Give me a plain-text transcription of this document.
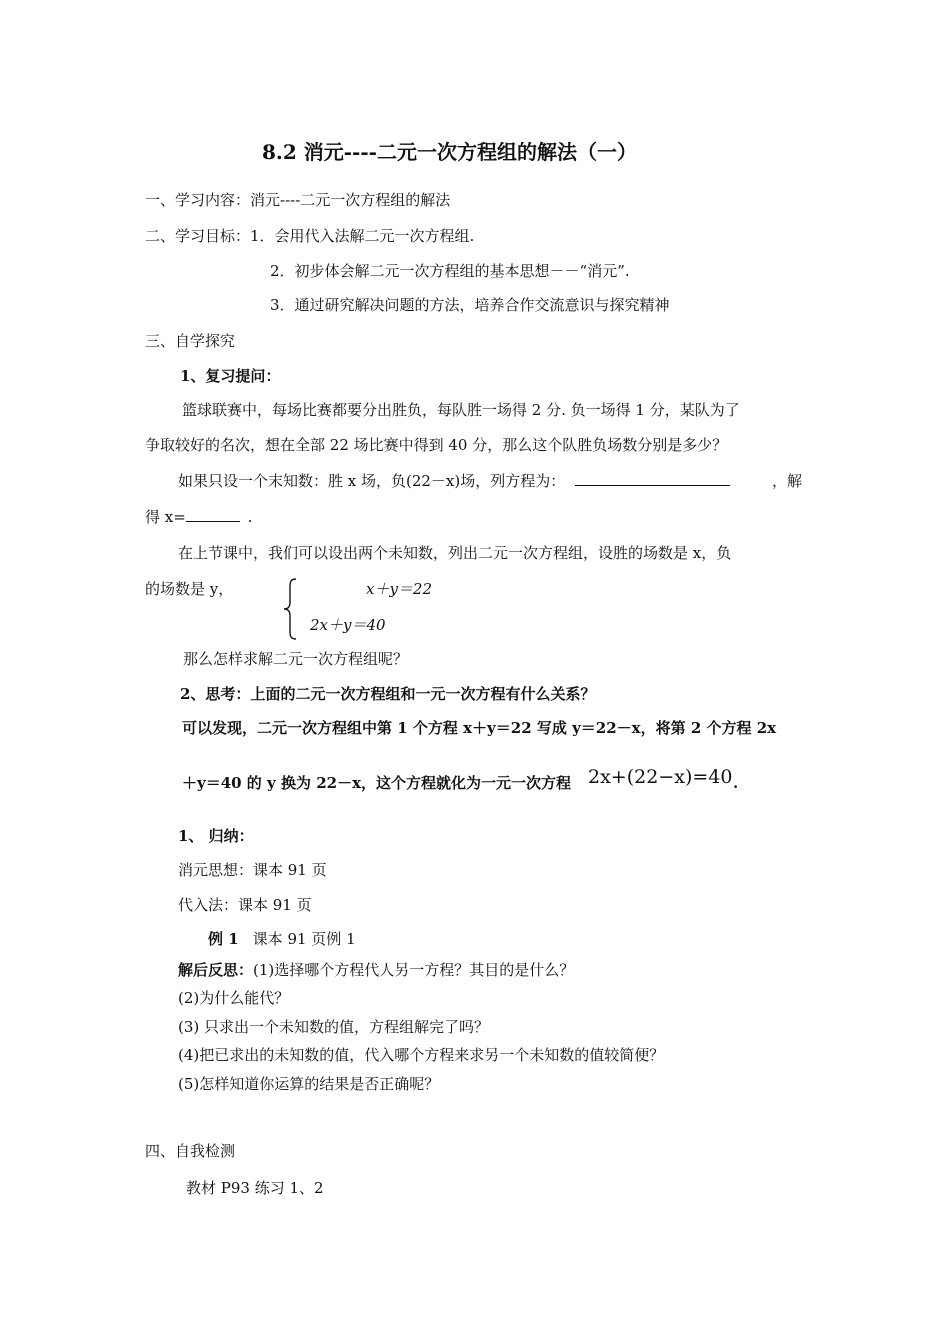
8.2 消元----二元一次方程组的解法（一）
一、学习内容：消元----二元一次方程组的解法
二、学习目标：1．会用代入法解二元一次方程组.
2．初步体会解二元一次方程组的基本思想－－“消元”.
3．通过研究解决问题的方法，培养合作交流意识与探究精神
三、自学探究
1、复习提问：
篮球联赛中，每场比赛都要分出胜负，每队胜一场得 2 分. 负一场得 1 分，某队为了
争取较好的名次，想在全部 22 场比赛中得到 40 分，那么这个队胜负场数分别是多少？
如果只设一个末知数：胜 x 场，负(22－x)场，列方程为：	，解
得 x=	.
在上节课中，我们可以设出两个未知数，列出二元一次方程组，设胜的场数是 x，负
的场数是 y，	x＋y＝22
2x＋y＝40
那么怎样求解二元一次方程组呢？
2、思考：上面的二元一次方程组和一元一次方程有什么关系？
可以发现，二元一次方程组中第 1 个方程 x＋y＝22 写成 y＝22－x，将第 2 个方程 2x
＋y＝40 的 y 换为 22－x，这个方程就化为一元一次方程 2x+(22−x)=40 .
1、 归纳：
消元思想：课本 91 页
代入法：课本 91 页
例 1 课本 91 页例 1
解后反思：(1)选择哪个方程代人另一方程？其目的是什么？
(2)为什么能代？
(3) 只求出一个未知数的值，方程组解完了吗？
(4)把已求出的未知数的值，代入哪个方程来求另一个未知数的值较简便？
(5)怎样知道你运算的结果是否正确呢？
四、自我检测
教材 P93 练习 1、2
